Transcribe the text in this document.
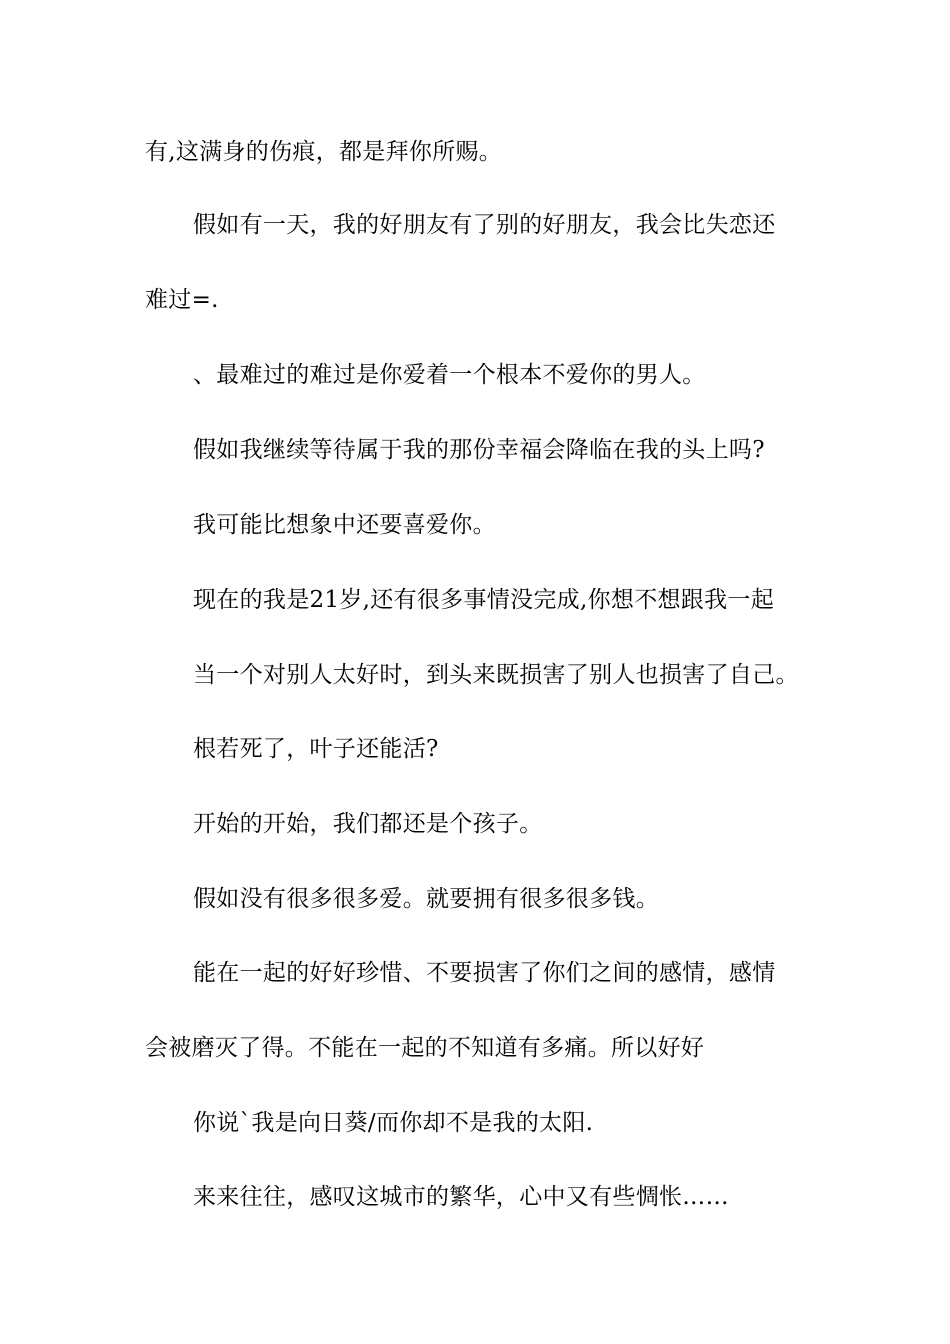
有,这满身的伤痕，都是拜你所赐。
假如有一天，我的好朋友有了别的好朋友，我会比失恋还
难过=.
、最难过的难过是你爱着一个根本不爱你的男人。
假如我继续等待属于我的那份幸福会降临在我的头上吗?
我可能比想象中还要喜爱你。
现在的我是21岁,还有很多事情没完成,你想不想跟我一起
当一个对别人太好时，到头来既损害了别人也损害了自己。
根若死了，叶子还能活?
开始的开始，我们都还是个孩子。
假如没有很多很多爱。就要拥有很多很多钱。
能在一起的好好珍惜、不要损害了你们之间的感情，感情
会被磨灭了得。不能在一起的不知道有多痛。所以好好
你说`我是向日葵/而你却不是我的太阳.
来来往往，感叹这城市的繁华，心中又有些惆怅……
